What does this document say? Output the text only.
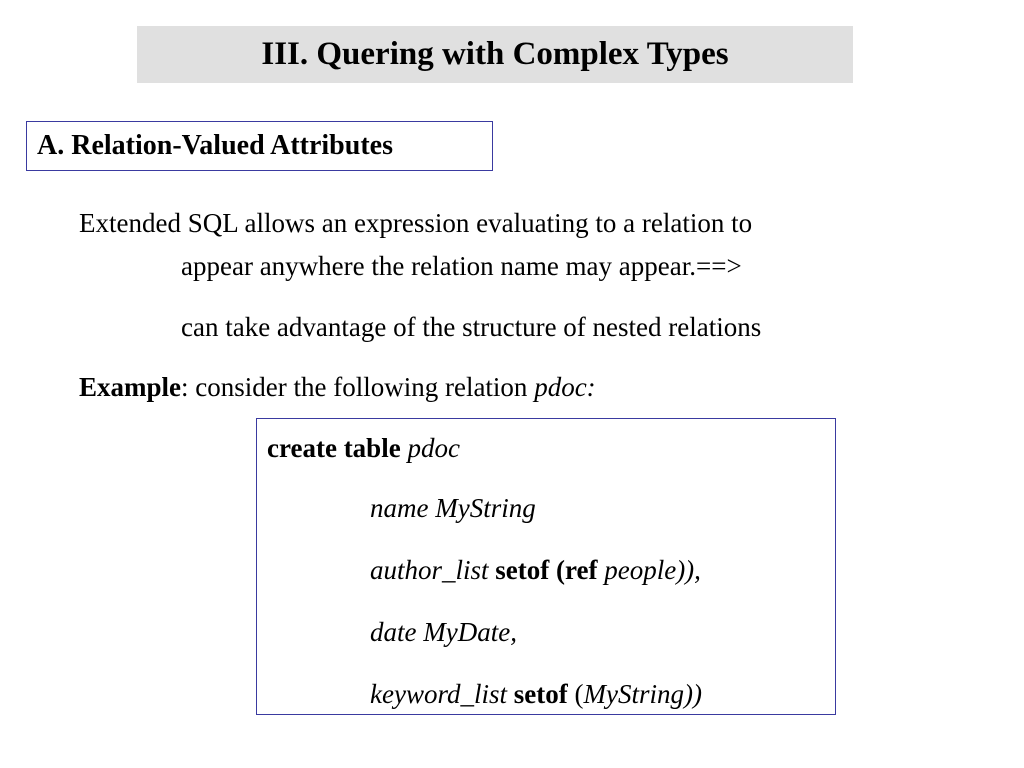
III. Quering with Complex Types
A. Relation-Valued Attributes
Extended SQL allows an expression evaluating to a relation to
appear anywhere the relation name may appear.==>
can take advantage of the structure of nested relations
Example: consider the following relation pdoc:
create table pdoc
name MyString
author_list setof (ref people)),
date MyDate,
keyword_list setof (MyString))
